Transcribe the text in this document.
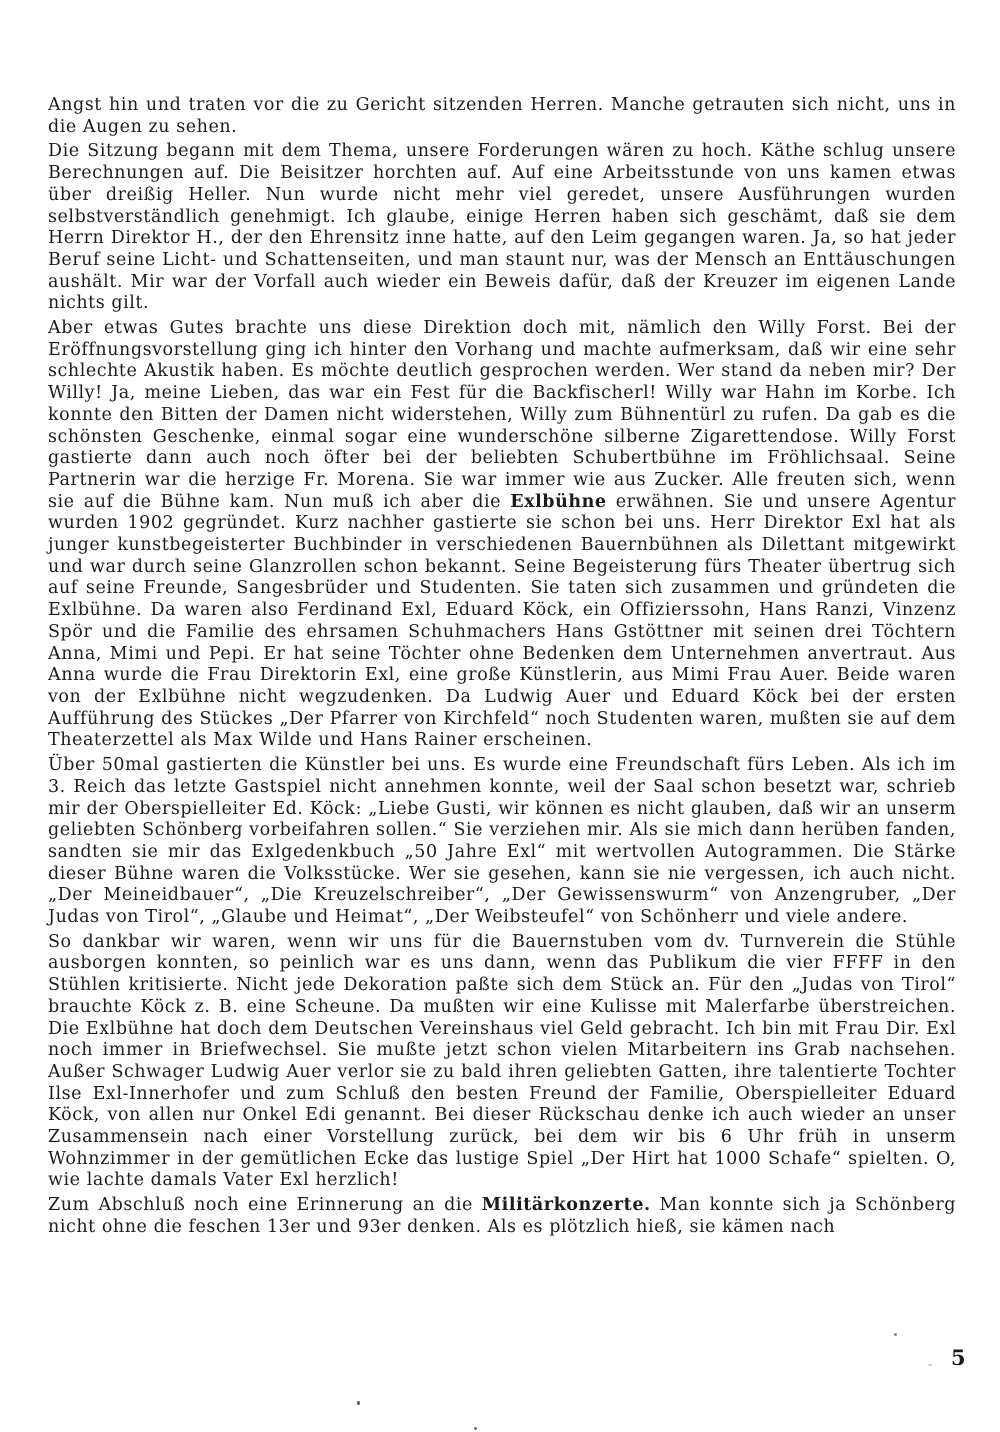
Angst hin und traten vor die zu Gericht sitzenden Herren. Manche getrauten sich nicht, uns in die Augen zu sehen.

Die Sitzung begann mit dem Thema, unsere Forderungen wären zu hoch. Käthe schlug unsere Berechnungen auf. Die Beisitzer horchten auf. Auf eine Arbeitsstunde von uns kamen etwas über dreißig Heller. Nun wurde nicht mehr viel geredet, unsere Ausführungen wurden selbstverständlich genehmigt. Ich glaube, einige Herren haben sich geschämt, daß sie dem Herrn Direktor H., der den Ehrensitz inne hatte, auf den Leim gegangen waren. Ja, so hat jeder Beruf seine Licht- und Schattenseiten, und man staunt nur, was der Mensch an Enttäuschungen aushält. Mir war der Vorfall auch wieder ein Beweis dafür, daß der Kreuzer im eigenen Lande nichts gilt.

Aber etwas Gutes brachte uns diese Direktion doch mit, nämlich den Willy Forst. Bei der Eröffnungsvorstellung ging ich hinter den Vorhang und machte aufmerksam, daß wir eine sehr schlechte Akustik haben. Es möchte deutlich gesprochen werden. Wer stand da neben mir? Der Willy! Ja, meine Lieben, das war ein Fest für die Backfischerl! Willy war Hahn im Korbe. Ich konnte den Bitten der Damen nicht widerstehen, Willy zum Bühnentürl zu rufen. Da gab es die schönsten Geschenke, einmal sogar eine wunderschöne silberne Zigarettendose. Willy Forst gastierte dann auch noch öfter bei der beliebten Schubertbühne im Fröhlichsaal. Seine Partnerin war die herzige Fr. Morena. Sie war immer wie aus Zucker. Alle freuten sich, wenn sie auf die Bühne kam. Nun muß ich aber die Exlbühne erwähnen. Sie und unsere Agentur wurden 1902 gegründet. Kurz nachher gastierte sie schon bei uns. Herr Direktor Exl hat als junger kunstbegeisterter Buchbinder in verschiedenen Bauernbühnen als Dilettant mitgewirkt und war durch seine Glanzrollen schon bekannt. Seine Begeisterung fürs Theater übertrug sich auf seine Freunde, Sangesbrüder und Studenten. Sie taten sich zusammen und gründeten die Exlbühne. Da waren also Ferdinand Exl, Eduard Köck, ein Offizierssohn, Hans Ranzi, Vinzenz Spör und die Familie des ehrsamen Schuhmachers Hans Gstöttner mit seinen drei Töchtern Anna, Mimi und Pepi. Er hat seine Töchter ohne Bedenken dem Unternehmen anvertraut. Aus Anna wurde die Frau Direktorin Exl, eine große Künstlerin, aus Mimi Frau Auer. Beide waren von der Exlbühne nicht wegzudenken. Da Ludwig Auer und Eduard Köck bei der ersten Aufführung des Stückes „Der Pfarrer von Kirchfeld“ noch Studenten waren, mußten sie auf dem Theaterzettel als Max Wilde und Hans Rainer erscheinen.

Über 50mal gastierten die Künstler bei uns. Es wurde eine Freundschaft fürs Leben. Als ich im 3. Reich das letzte Gastspiel nicht annehmen konnte, weil der Saal schon besetzt war, schrieb mir der Oberspielleiter Ed. Köck: „Liebe Gusti, wir können es nicht glauben, daß wir an unserm geliebten Schönberg vorbeifahren sollen.“ Sie verziehen mir. Als sie mich dann herüben fanden, sandten sie mir das Exlgedenkbuch „50 Jahre Exl“ mit wertvollen Autogrammen. Die Stärke dieser Bühne waren die Volksstücke. Wer sie gesehen, kann sie nie vergessen, ich auch nicht. „Der Meineidbauer“, „Die Kreuzelschreiber“, „Der Gewissenswurm“ von Anzengruber, „Der Judas von Tirol“, „Glaube und Heimat“, „Der Weibsteufel“ von Schönherr und viele andere.

So dankbar wir waren, wenn wir uns für die Bauernstuben vom dv. Turnverein die Stühle ausborgen konnten, so peinlich war es uns dann, wenn das Publikum die vier FFFF in den Stühlen kritisierte. Nicht jede Dekoration paßte sich dem Stück an. Für den „Judas von Tirol“ brauchte Köck z. B. eine Scheune. Da mußten wir eine Kulisse mit Malerfarbe überstreichen. Die Exlbühne hat doch dem Deutschen Vereinshaus viel Geld gebracht. Ich bin mit Frau Dir. Exl noch immer in Briefwechsel. Sie mußte jetzt schon vielen Mitarbeitern ins Grab nachsehen. Außer Schwager Ludwig Auer verlor sie zu bald ihren geliebten Gatten, ihre talentierte Tochter Ilse Exl-Innerhofer und zum Schluß den besten Freund der Familie, Oberspielleiter Eduard Köck, von allen nur Onkel Edi genannt. Bei dieser Rückschau denke ich auch wieder an unser Zusammensein nach einer Vorstellung zurück, bei dem wir bis 6 Uhr früh in unserm Wohnzimmer in der gemütlichen Ecke das lustige Spiel „Der Hirt hat 1000 Schafe“ spielten. O, wie lachte damals Vater Exl herzlich!

Zum Abschluß noch eine Erinnerung an die Militärkonzerte. Man konnte sich ja Schönberg nicht ohne die feschen 13er und 93er denken. Als es plötzlich hieß, sie kämen nach

5
